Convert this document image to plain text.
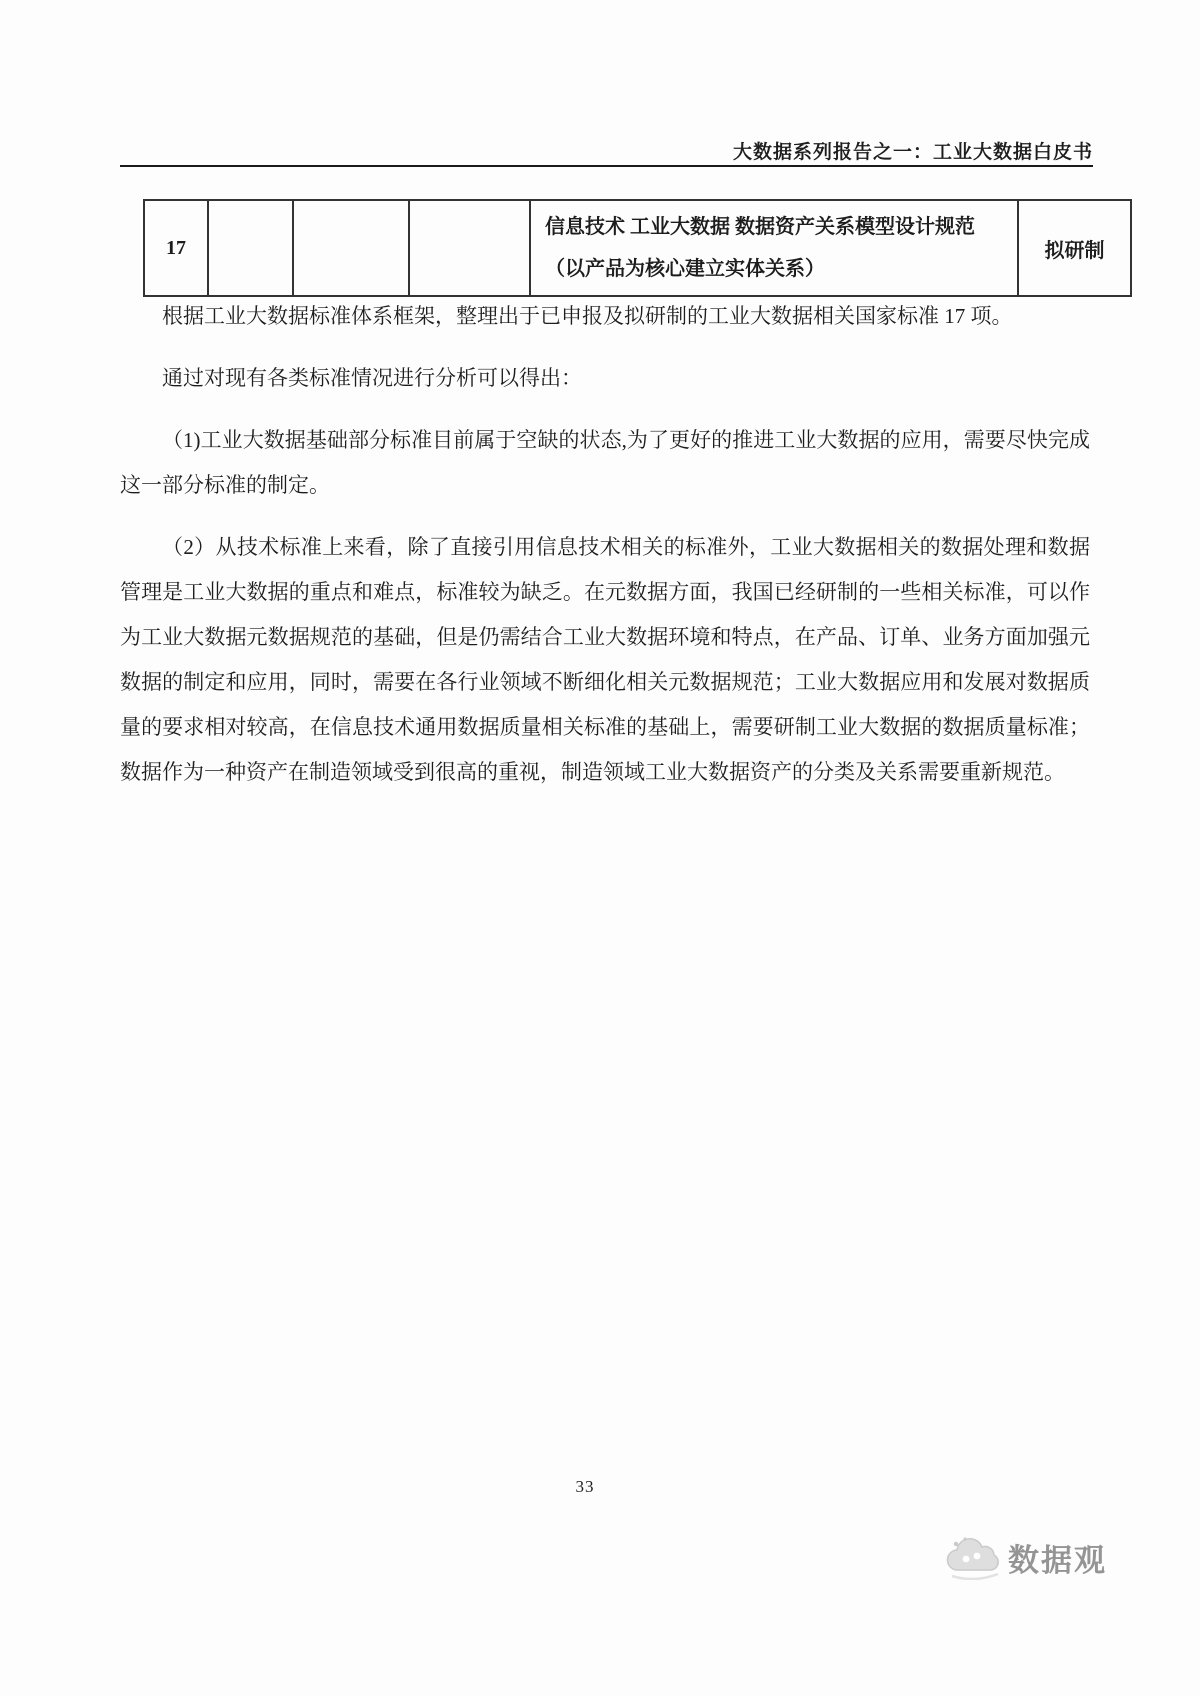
大数据系列报告之一：工业大数据白皮书
17				信息技术 工业大数据 数据资产关系模型设计规范（以产品为核心建立实体关系）	拟研制

根据工业大数据标准体系框架，整理出于已申报及拟研制的工业大数据相关国家标准 17 项。

通过对现有各类标准情况进行分析可以得出：

（1)工业大数据基础部分标准目前属于空缺的状态,为了更好的推进工业大数据的应用，需要尽快完成这一部分标准的制定。

（2）从技术标准上来看，除了直接引用信息技术相关的标准外，工业大数据相关的数据处理和数据管理是工业大数据的重点和难点，标准较为缺乏。在元数据方面，我国已经研制的一些相关标准，可以作为工业大数据元数据规范的基础，但是仍需结合工业大数据环境和特点，在产品、订单、业务方面加强元数据的制定和应用，同时，需要在各行业领域不断细化相关元数据规范；工业大数据应用和发展对数据质量的要求相对较高，在信息技术通用数据质量相关标准的基础上，需要研制工业大数据的数据质量标准；数据作为一种资产在制造领域受到很高的重视，制造领域工业大数据资产的分类及关系需要重新规范。

33
数据观
